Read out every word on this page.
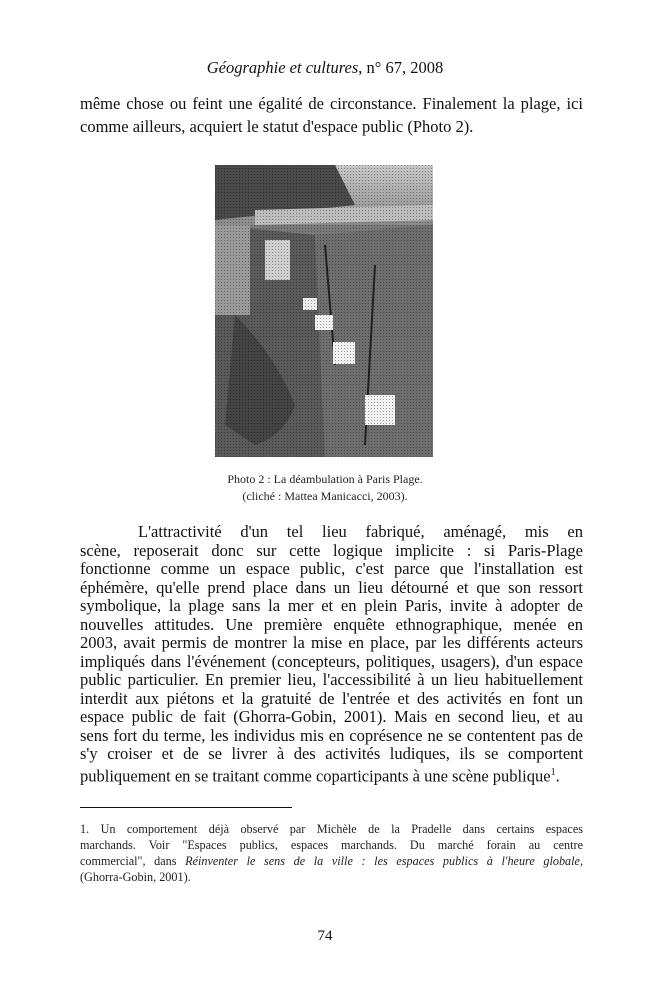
Géographie et cultures, n° 67, 2008
même chose ou feint une égalité de circonstance. Finalement la plage, ici
comme ailleurs, acquiert le statut d'espace public (Photo 2).
Photo 2 : La déambulation à Paris Plage.
(cliché : Mattea Manicacci, 2003).
L'attractivité d'un tel lieu fabriqué, aménagé, mis en
scène, reposerait donc sur cette logique implicite : si Paris-Plage
fonctionne comme un espace public, c'est parce que l'installation est
éphémère, qu'elle prend place dans un lieu détourné et que son ressort
symbolique, la plage sans la mer et en plein Paris, invite à adopter de
nouvelles attitudes. Une première enquête ethnographique, menée en
2003, avait permis de montrer la mise en place, par les différents acteurs
impliqués dans l'événement (concepteurs, politiques, usagers), d'un espace
public particulier. En premier lieu, l'accessibilité à un lieu habituellement
interdit aux piétons et la gratuité de l'entrée et des activités en font un
espace public de fait (Ghorra-Gobin, 2001). Mais en second lieu, et au
sens fort du terme, les individus mis en coprésence ne se contentent pas de
s'y croiser et de se livrer à des activités ludiques, ils se comportent
publiquement en se traitant comme coparticipants à une scène publique$^1$.
1. Un comportement déjà observé par Michèle de la Pradelle dans certains espaces
marchands. Voir "Espaces publics, espaces marchands. Du marché forain au centre
commercial", dans Réinventer le sens de la ville : les espaces publics à l'heure globale,
(Ghorra-Gobin, 2001).
74
